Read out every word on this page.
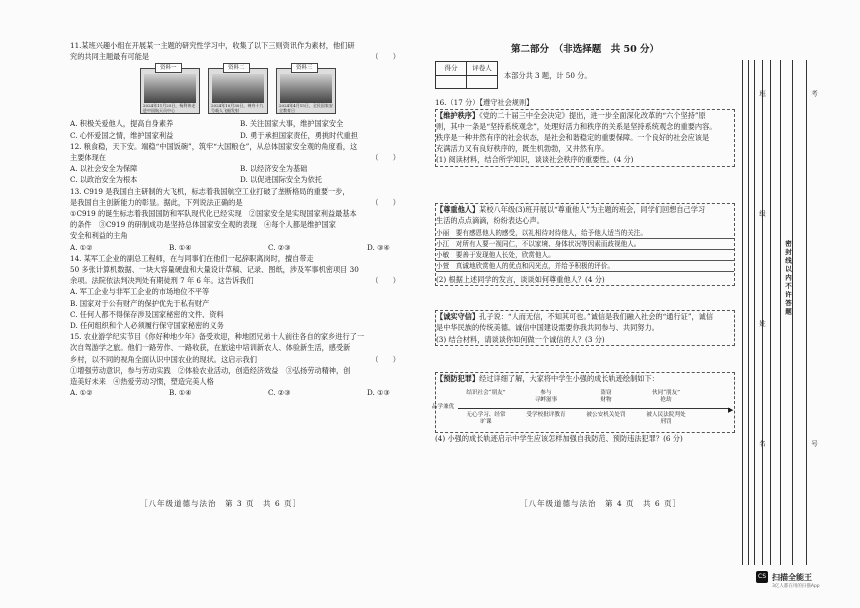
11.某班兴趣小组在开展某一主题的研究性学习中，收集了以下三则资讯作为素材，他们研

究的共同主题最有可能是	（　　）

资料一
2024年11月25日，杨利伟走进中国航天员中心
资料二
2024年10月30日，神舟十九号载人飞船发射
资料三
2024年4月15日，全民国家安全教育日
A. 积极关爱他人，提高自身素养	B. 关注国家大事，维护国家安全
C. 心怀爱国之情，维护国家利益	D. 勇于承担国家责任，勇挑时代重担

12. 粮食稳，天下安。端稳“中国饭碗”，筑牢“大国粮仓”，从总体国家安全观的角度看，这

主要体现在	（　　）

A. 以社会安全为保障	B. 以经济安全为基础
C. 以政治安全为根本	D. 以促进国际安全为依托

13. C919 是我国自主研制的大飞机，标志着我国航空工业打破了垄断格局的重要一步，

是我国自主创新能力的彰显。据此，下列说法正确的是	（　　）

①C919 的诞生标志着我国国防和军队现代化已经实现　②国家安全是实现国家利益最基本

的条件　③C919 的研制成功是坚持总体国家安全观的表现　④每个人都是维护国家

安全和利益的主角

A. ①②	B. ①④	C. ②③	D. ③④

14. 某军工企业的副总工程师，在与同事们在他们一起辞职离岗时，擅自带走

50 多张计算机数据、一块大容量硬盘和大量设计草稿、记录、图纸，涉及军事机密项目 30

余项。法院依法判决判处有期徒刑 7 年 6 年。这告诉我们	（　　）

A. 军工企业与非军工企业的市场地位不平等

B. 国家对于公有财产的保护优先于私有财产

C. 任何人都不得保存涉及国家秘密的文件、资料

D. 任何组织和个人必须履行保守国家秘密的义务

15. 农业游学纪实节目《你好种地少年》备受欢迎，种地团兄弟十人前往各自的家乡进行了一

次自驾游学之旅。他们一路劳作、一路收获，在旅途中培训新农人、体验新生活，感受新

乡村，以不同的视角全面认识中国农业的现状。这启示我们	（　　）

①增强劳动意识，参与劳动实践　②体验农业活动，创造经济效益　③弘扬劳动精神，创

造美好未来　④热爱劳动习惯，塑造完美人格

A. ①②	B. ①④	C. ②③	D. ①③
［八年级道德与法治　第 3 页　共 6 页］
第二部分　（非选择题　共 50 分）
得分	评卷人

本部分共 3 题，计 50 分。

16.（17 分）【遵守社会规则】

【维护秩序】《党的二十届三中全会决定》提出，进一步全面深化改革的“六个坚持”原

则，其中一条是“坚持系统观念”，处理好活力和秩序的关系是坚持系统观念的重要内容。

秩序是一种井然有序的社会状态，是社会和谐稳定的重要保障。一个良好的社会应该是

充满活力又有良好秩序的，既生机勃勃，又井然有序。

(1) 阅读材料，结合所学知识，谈谈社会秩序的重要性。(4 分)

【尊重他人】某校八年级(3)班开展以“尊重他人”为主题的班会，同学们回想自己学习

生活的点点滴滴，纷纷表达心声。

小丽　要有感恩他人的感受，以礼相待对待他人，给予他人适当的关注。
小江　对所有人要一视同仁，不以家境、身体状况等因素而歧视他人。
小敏　要善于发现他人长处，欣赏他人。
小萱　真诚地欣赏他人的优点和闪光点，并给予积极的评价。

(2) 根据上述同学的发言，谈谈如何尊重他人？(4 分)

【诚实守信】孔子说：“人而无信，不知其可也。”诚信是我们融入社会的“通行证”，诚信

是中华民族的传统美德。诚信中国建设需要你我共同参与、共同努力。

(3) 结合材料，请谈谈你如何做一个诚信的人？(3 分)

【预防犯罪】经过详细了解，大家将中学生小强的成长轨迹绘制如下：

品学兼优	▶
结识社会“朋友”	参与
寻衅滋事
盗窃
财物
伙同“朋友”
抢劫
无心学习、经常旷课
受学校批评教育	被公安机关处罚	被人民法院判处刑罚

(4) 小强的成长轨迹启示中学生应该怎样加强自我防范、预防违法犯罪？(6 分)

［八年级道德与法治　第 4 页　共 6 页］
班
级
姓
名
考
号
密封线以内不许答题
CS 扫描全能王
3亿人都在用的扫描App
